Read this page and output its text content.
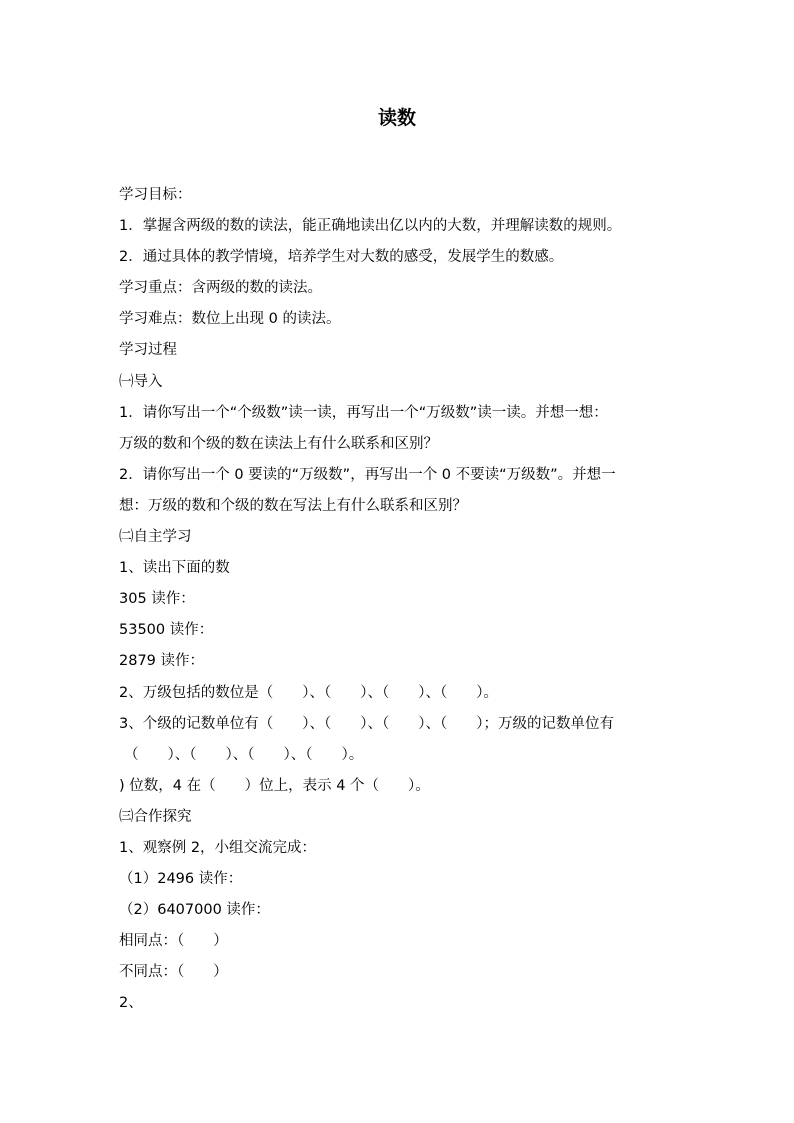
读数
学习目标：
1．掌握含两级的数的读法，能正确地读出亿以内的大数，并理解读数的规则。
2．通过具体的教学情境，培养学生对大数的感受，发展学生的数感。
学习重点：含两级的数的读法。
学习难点：数位上出现 0 的读法。
学习过程
㈠导入
1．请你写出一个“个级数”读一读，再写出一个“万级数”读一读。并想一想：
万级的数和个级的数在读法上有什么联系和区别？
2．请你写出一个 0 要读的“万级数”，再写出一个 0 不要读“万级数”。并想一
想：万级的数和个级的数在写法上有什么联系和区别？
㈡自主学习
1、读出下面的数
305 读作：
53500 读作：
2879 读作：
2、万级包括的数位是（　　）、（　　）、（　　）、（　　）。
3、个级的记数单位有（　　）、（　　）、（　　）、（　　）；万级的记数单位有
（　　）、（　　）、（　　）、（　　）。
) 位数，4 在（　　）位上，表示 4 个（　　）。
㈢合作探究
1、观察例 2，小组交流完成：
（1）2496 读作：
（2）6407000 读作：
相同点：（　　）
不同点：（　　）
2、
